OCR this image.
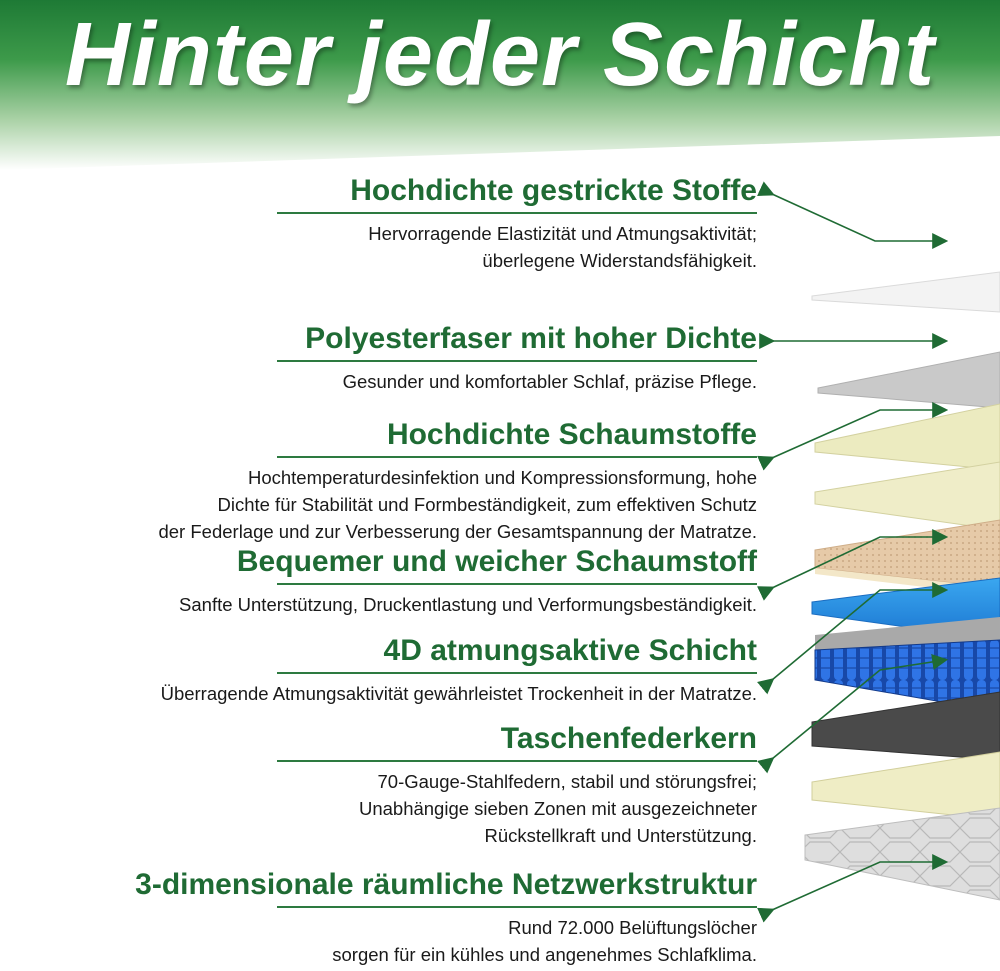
Hinter jeder Schicht
Hochdichte gestrickte Stoffe
Hervorragende Elastizität und Atmungsaktivität;
überlegene Widerstandsfähigkeit.
Polyesterfaser mit hoher Dichte
Gesunder und komfortabler Schlaf, präzise Pflege.
Hochdichte Schaumstoffe
Hochtemperaturdesinfektion und Kompressionsformung, hohe
Dichte für Stabilität und Formbeständigkeit, zum effektiven Schutz
der Federlage und zur Verbesserung der Gesamtspannung der Matratze.
Bequemer und weicher Schaumstoff
Sanfte Unterstützung, Druckentlastung und Verformungsbeständigkeit.
4D atmungsaktive Schicht
Überragende Atmungsaktivität gewährleistet Trockenheit in der Matratze.
Taschenfederkern
70-Gauge-Stahlfedern, stabil und störungsfrei;
Unabhängige sieben Zonen mit ausgezeichneter
Rückstellkraft und Unterstützung.
3-dimensionale räumliche Netzwerkstruktur
Rund 72.000 Belüftungslöcher
sorgen für ein kühles und angenehmes Schlafklima.
